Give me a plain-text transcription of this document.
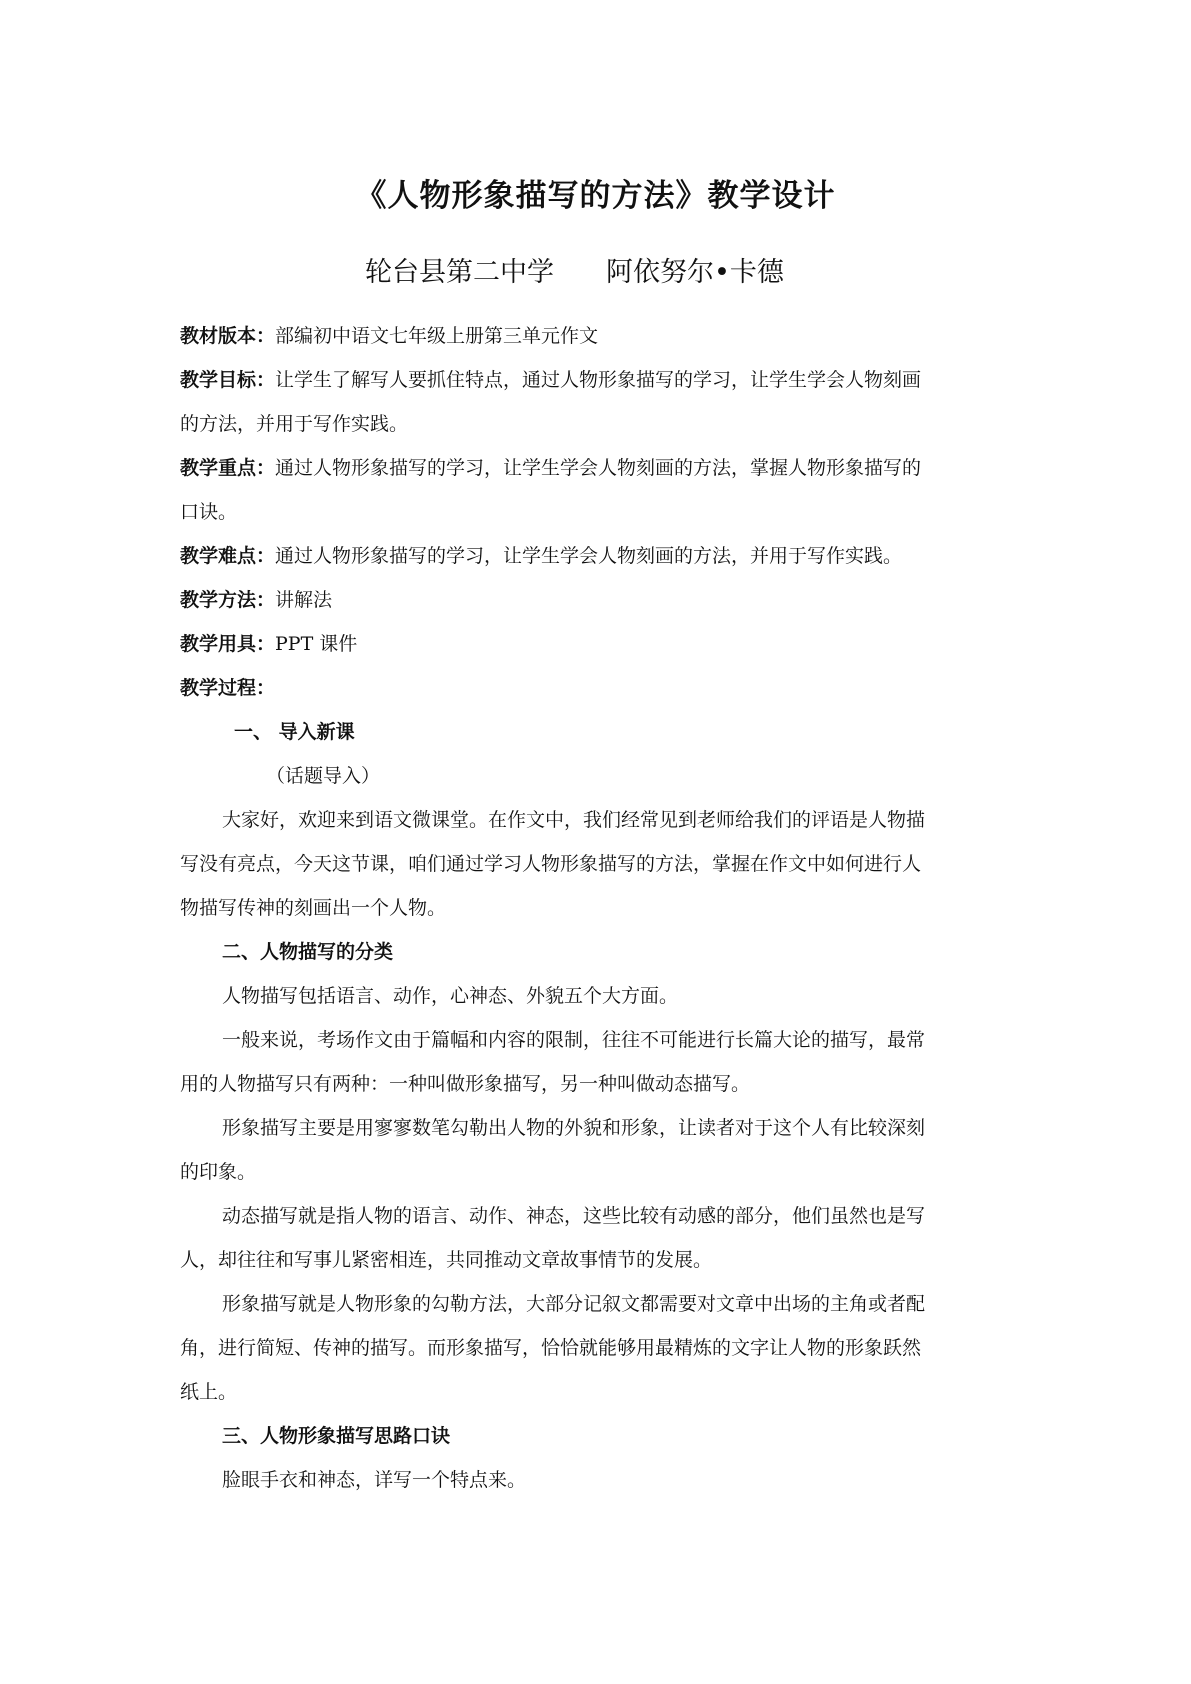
《人物形象描写的方法》教学设计
轮台县第二中学 阿依努尔•卡德

教材版本：部编初中语文七年级上册第三单元作文

教学目标：让学生了解写人要抓住特点，通过人物形象描写的学习，让学生学会人物刻画

的方法，并用于写作实践。

教学重点：通过人物形象描写的学习，让学生学会人物刻画的方法，掌握人物形象描写的

口诀。

教学难点：通过人物形象描写的学习，让学生学会人物刻画的方法，并用于写作实践。

教学方法：讲解法

教学用具：PPT 课件

教学过程：

一、 导入新课

（话题导入）

大家好，欢迎来到语文微课堂。在作文中，我们经常见到老师给我们的评语是人物描

写没有亮点，今天这节课，咱们通过学习人物形象描写的方法，掌握在作文中如何进行人

物描写传神的刻画出一个人物。

二、人物描写的分类

人物描写包括语言、动作，心神态、外貌五个大方面。

一般来说，考场作文由于篇幅和内容的限制，往往不可能进行长篇大论的描写，最常

用的人物描写只有两种：一种叫做形象描写，另一种叫做动态描写。

形象描写主要是用寥寥数笔勾勒出人物的外貌和形象，让读者对于这个人有比较深刻

的印象。

动态描写就是指人物的语言、动作、神态，这些比较有动感的部分，他们虽然也是写

人，却往往和写事儿紧密相连，共同推动文章故事情节的发展。

形象描写就是人物形象的勾勒方法，大部分记叙文都需要对文章中出场的主角或者配

角，进行简短、传神的描写。而形象描写，恰恰就能够用最精炼的文字让人物的形象跃然

纸上。

三、人物形象描写思路口诀

脸眼手衣和神态，详写一个特点来。
